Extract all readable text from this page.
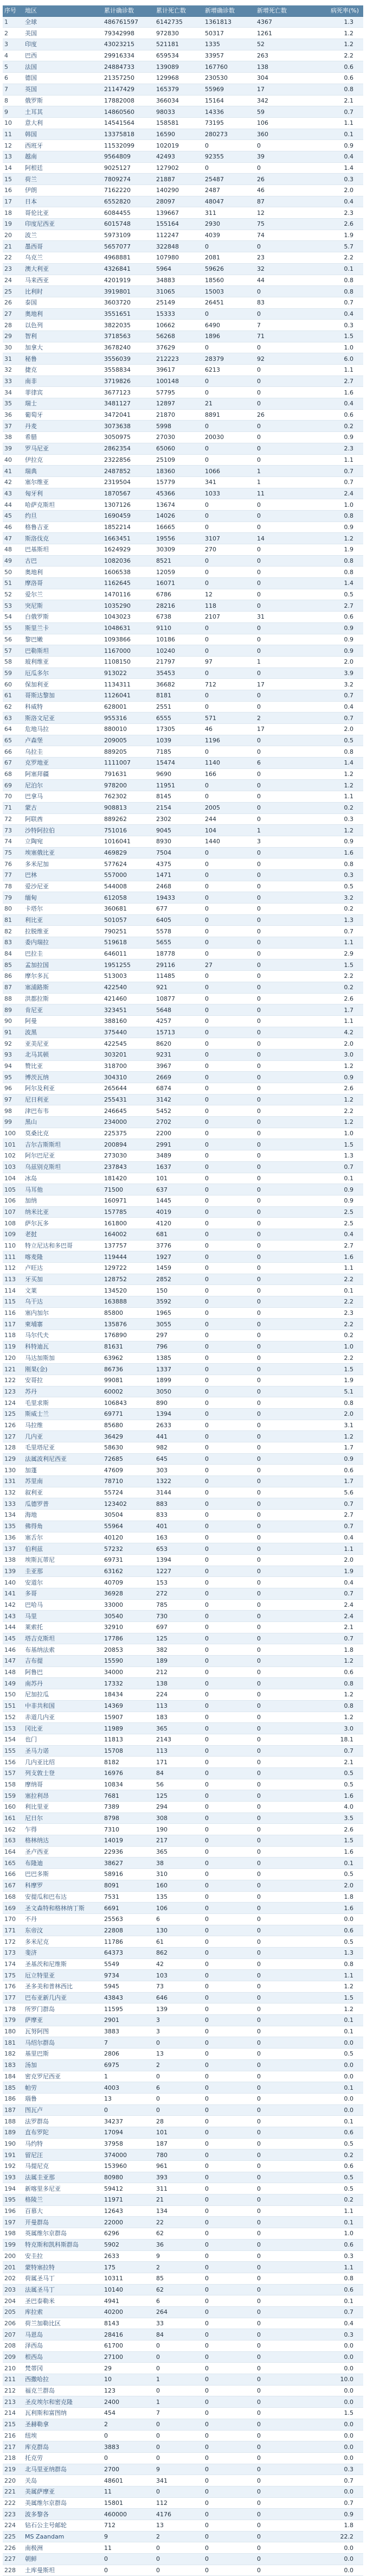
序号	地区	累计确诊数	累计死亡数	新增确诊数	新增死亡数	病死率(%)
1	全球	486761597	6142735	1361813	4367	1.3
2	美国	79342998	972830	50317	1261	1.2
3	印度	43023215	521181	1335	52	1.2
4	巴西	29916334	659534	33957	263	2.2
5	法国	24884733	139089	167760	138	0.6
6	德国	21357250	129968	230530	304	0.6
7	英国	21147429	165379	55969	17	0.8
8	俄罗斯	17882008	366034	15164	342	2.1
9	土耳其	14860560	98033	14336	59	0.7
10	意大利	14541564	158581	73195	106	1.1
11	韩国	13375818	16590	280273	360	0.1
12	西班牙	11532099	102019	0	0	0.9
13	越南	9564809	42493	92355	39	0.4
14	阿根廷	9025127	127902	0	0	1.4
15	荷兰	7809274	21887	25487	26	0.3
16	伊朗	7162220	140290	2487	46	2.0
17	日本	6552820	28097	48047	87	0.4
18	哥伦比亚	6084455	139667	311	12	2.3
19	印度尼西亚	6015748	155164	2930	75	2.6
20	波兰	5973109	112247	4039	74	1.9
21	墨西哥	5657077	322848	0	0	5.7
22	乌克兰	4968881	107980	2081	23	2.2
23	澳大利亚	4326841	5964	59626	32	0.1
24	马来西亚	4201919	34883	18560	44	0.8
25	比利时	3919801	31065	15003	0	0.8
26	泰国	3603720	25149	26451	83	0.7
27	奥地利	3551651	15333	0	0	0.4
28	以色列	3822035	10662	6490	7	0.3
29	智利	3718563	56268	1896	71	1.5
30	加拿大	3678240	37629	0	0	1.0
31	秘鲁	3556039	212223	28379	92	6.0
32	捷克	3558834	39617	6213	0	1.1
33	南非	3719826	100148	0	0	2.7
34	菲律宾	3677123	57795	0	0	1.6
35	瑞士	3481127	12897	21	0	0.4
36	葡萄牙	3472041	21870	8891	26	0.6
37	丹麦	3073638	5998	0	0	0.2
38	希腊	3050975	27030	20030	0	0.9
39	罗马尼亚	2862354	65060	0	0	2.3
40	伊拉克	2322856	25109	0	0	1.1
41	瑞典	2487852	18360	1066	1	0.7
42	塞尔维亚	2319504	15779	341	1	0.7
43	匈牙利	1870567	45366	1033	11	2.4
44	哈萨克斯坦	1307126	13674	0	0	1.0
45	约旦	1690459	14026	0	0	0.8
46	格鲁吉亚	1852214	16665	0	0	0.9
47	斯洛伐克	1663451	19556	3107	14	1.2
48	巴基斯坦	1624929	30309	270	0	1.9
49	古巴	1082036	8521	0	0	0.8
50	奥地利	1606538	12059	0	0	0.8
51	摩洛哥	1162645	16071	0	0	1.4
52	爱尔兰	1470116	6786	12	0	0.5
53	突尼斯	1035290	28216	118	0	2.7
54	白俄罗斯	1043023	6738	2107	31	0.6
55	斯里兰卡	1048631	9110	0	0	0.9
56	黎巴嫩	1093866	10186	0	0	0.9
57	巴勒斯坦	1167000	10240	0	0	0.9
58	玻利维亚	1108150	21797	97	1	2.0
59	厄瓜多尔	913022	35453	0	0	3.9
60	保加利亚	1134311	36682	712	17	3.2
61	哥斯达黎加	1126041	8181	0	0	0.7
62	科威特	628001	2551	0	0	0.4
63	斯洛文尼亚	955316	6555	571	2	0.7
64	危地马拉	880010	17305	46	17	2.0
65	卢森堡	209005	1039	1196	0	0.5
66	乌拉圭	889205	7185	0	0	0.8
67	克罗地亚	1111007	15474	1140	6	1.4
68	阿塞拜疆	791631	9690	166	0	1.2
69	尼泊尔	978200	11951	0	0	1.2
70	巴拿马	762302	8145	0	0	1.1
71	蒙古	908813	2154	2005	0	0.2
72	阿联酋	889262	2302	244	0	0.3
73	沙特阿拉伯	751016	9045	104	1	1.2
74	立陶宛	1016041	8930	1440	3	0.9
75	埃塞俄比亚	469829	7504	0	0	1.6
76	多米尼加	577624	4375	0	0	0.8
77	巴林	557000	1471	0	0	0.3
78	爱沙尼亚	544008	2468	0	0	0.5
79	缅甸	612058	19433	0	0	3.2
80	卡塔尔	360681	677	0	0	0.2
81	利比亚	501057	6405	0	0	1.3
82	拉脱维亚	790251	5578	0	0	0.7
83	委内瑞拉	519618	5655	0	0	1.1
84	巴拉圭	646011	18778	0	0	2.9
85	孟加拉国	1951255	29116	27	0	1.5
86	摩尔多瓦	513003	11485	0	0	2.2
87	塞浦路斯	422540	921	0	0	0.2
88	洪都拉斯	421460	10877	0	0	2.6
89	肯尼亚	323451	5648	0	0	1.7
90	阿曼	388160	4257	0	0	1.1
91	波黑	375440	15713	0	0	4.2
92	亚美尼亚	422545	8620	0	0	2.0
93	北马其顿	303201	9231	0	0	3.0
94	赞比亚	318700	3967	0	0	1.2
95	博茨瓦纳	304310	2669	0	0	0.9
96	阿尔及利亚	265644	6874	0	0	2.6
97	尼日利亚	255431	3142	0	0	1.2
98	津巴布韦	246645	5452	0	0	2.2
99	黑山	234000	2702	0	0	1.2
100	莫桑比克	225375	2200	0	0	1.0
101	吉尔吉斯斯坦	200894	2991	0	0	1.5
102	阿尔巴尼亚	273030	3489	0	0	1.3
103	乌兹别克斯坦	237843	1637	0	0	0.7
104	冰岛	181420	101	0	0	0.1
105	马耳他	71500	637	0	0	0.9
106	加纳	160971	1445	0	0	0.9
107	纳米比亚	157785	4019	0	0	2.5
108	萨尔瓦多	161800	4120	0	0	2.5
109	老挝	164002	681	0	0	0.4
110	特立尼达和多巴哥	137757	3776	0	0	2.7
111	喀麦隆	119444	1927	0	0	1.6
112	卢旺达	129722	1459	0	0	1.1
113	牙买加	128752	2852	0	0	2.2
114	文莱	134520	150	0	0	0.1
115	乌干达	163888	3592	0	0	2.2
116	塞内加尔	85800	1965	0	0	2.3
117	柬埔寨	135876	3055	0	0	2.2
118	马尔代夫	176890	297	0	0	0.2
119	科特迪瓦	81631	796	0	0	1.0
120	马达加斯加	63962	1385	0	0	2.2
121	刚果(金)	86736	1337	0	0	1.5
122	安哥拉	99081	1899	0	0	1.9
123	苏丹	60002	3050	0	0	5.1
124	毛里求斯	106843	890	0	0	0.8
125	斯威士兰	69771	1394	0	0	2.0
126	马拉维	85680	2633	0	0	3.1
127	几内亚	36429	441	0	0	1.2
128	毛里塔尼亚	58630	982	0	0	1.7
129	法属波利尼西亚	72685	645	0	0	0.9
130	加蓬	47609	303	0	0	0.6
131	苏里南	78710	1322	0	0	1.7
132	叙利亚	55724	3144	0	0	5.6
133	瓜德罗普	123402	883	0	0	0.7
134	海地	30504	833	0	0	2.7
135	佛得角	55964	401	0	0	0.7
136	塞舌尔	40120	163	0	0	0.4
137	伯利兹	57232	653	0	0	1.1
138	埃斯瓦蒂尼	69731	1394	0	0	2.0
139	圭亚那	63162	1227	0	0	1.9
140	安道尔	40709	153	0	0	0.4
141	多哥	36928	272	0	0	0.7
142	巴哈马	33000	785	0	0	2.4
143	马里	30540	730	0	0	2.4
144	莱索托	32910	697	0	0	2.1
145	塔吉克斯坦	17786	125	0	0	0.7
146	布基纳法索	20853	382	0	0	1.8
147	吉布提	15590	189	0	0	1.2
148	阿鲁巴	34000	212	0	0	0.6
149	南苏丹	17332	138	0	0	0.8
150	尼加拉瓜	18434	224	0	0	1.2
151	中非共和国	14369	113	0	0	0.8
152	赤道几内亚	15907	183	0	0	1.2
153	冈比亚	11989	365	0	0	3.0
154	也门	11813	2143	0	0	18.1
155	圣马力诺	15708	113	0	0	0.7
156	几内亚比绍	8182	171	0	0	2.1
157	列支敦士登	16976	84	0	0	0.5
158	摩纳哥	10834	56	0	0	0.5
159	塞拉利昂	7681	125	0	0	1.6
160	利比里亚	7389	294	0	0	4.0
161	尼日尔	8798	308	0	0	3.5
162	乍得	7310	190	0	0	2.6
163	格林纳达	14019	217	0	0	1.5
164	圣卢西亚	22936	365	0	0	1.6
165	布隆迪	38627	38	0	0	0.1
166	巴巴多斯	58916	310	0	0	0.5
167	科摩罗	8091	160	0	0	2.0
168	安提瓜和巴布达	7531	135	0	0	1.8
169	圣文森特和格林纳丁斯	6691	106	0	0	1.6
170	不丹	25563	6	0	0	0.0
171	东帝汶	22808	130	0	0	0.6
172	多米尼克	11786	61	0	0	0.5
173	斐济	64373	862	0	0	1.3
174	圣基茨和尼维斯	5549	42	0	0	0.8
175	厄立特里亚	9734	103	0	0	1.1
176	圣多美和普林西比	5945	73	0	0	1.2
177	巴布亚新几内亚	43843	646	0	0	1.5
178	所罗门群岛	11595	139	0	0	1.2
179	萨摩亚	2901	3	0	0	0.1
180	瓦努阿图	3883	3	0	0	0.1
181	马绍尔群岛	7	0	0	0	0.0
182	基里巴斯	2806	13	0	0	0.5
183	汤加	6975	2	0	0	0.0
184	密克罗尼西亚	1	0	0	0	0.0
185	帕劳	4003	6	0	0	0.1
186	瑙鲁	13	0	0	0	0.0
187	图瓦卢	0	0	0	0	0.0
188	法罗群岛	34237	28	0	0	0.1
189	直布罗陀	17094	101	0	0	0.6
190	马约特	37958	187	0	0	0.5
191	留尼汪	374000	780	0	0	0.2
192	马提尼克	153960	961	0	0	0.6
193	法属圭亚那	80980	393	0	0	0.5
194	新喀里多尼亚	59412	311	0	0	0.5
195	格陵兰	11971	21	0	0	0.2
196	百慕大	12643	134	0	0	1.1
197	开曼群岛	22000	22	0	0	0.1
198	英属维尔京群岛	6296	62	0	0	1.0
199	特克斯和凯科斯群岛	5902	36	0	0	0.6
200	安圭拉	2633	9	0	0	0.3
201	蒙特塞拉特	175	2	0	0	1.1
202	荷属圣马丁	10311	85	0	0	0.8
203	法属圣马丁	10140	62	0	0	0.6
204	圣巴泰勒米	4941	6	0	0	0.1
205	库拉索	40200	264	0	0	0.7
206	荷兰加勒比区	8143	33	0	0	0.4
207	马恩岛	28416	84	0	0	0.3
208	泽西岛	61700	0	0	0	0.0
209	根西岛	27100	0	0	0	0.0
210	梵蒂冈	29	0	0	0	0.0
211	西撒哈拉	10	1	0	0	10.0
212	福克兰群岛	123	0	0	0	0.0
213	圣皮埃尔和密克隆	2400	1	0	0	0.0
214	瓦利斯和富图纳	454	7	0	0	1.5
215	圣赫勒拿	2	0	0	0	0.0
216	纽埃	0	0	0	0	0.0
217	库克群岛	3883	0	0	0	0.0
218	托克劳	0	0	0	0	0.0
219	北马里亚纳群岛	2700	9	0	0	0.3
220	关岛	48601	341	0	0	0.7
221	美属萨摩亚	11	0	0	0	0.0
222	美属维尔京群岛	15801	112	0	0	0.7
223	波多黎各	460000	4176	0	0	0.9
224	钻石公主号邮轮	712	13	0	0	1.8
225	MS Zaandam	9	2	0	0	22.2
226	南极洲	11	0	0	0	0.0
227	朝鲜	0	0	0	0	0.0
228	土库曼斯坦	0	0	0	0	0.0
